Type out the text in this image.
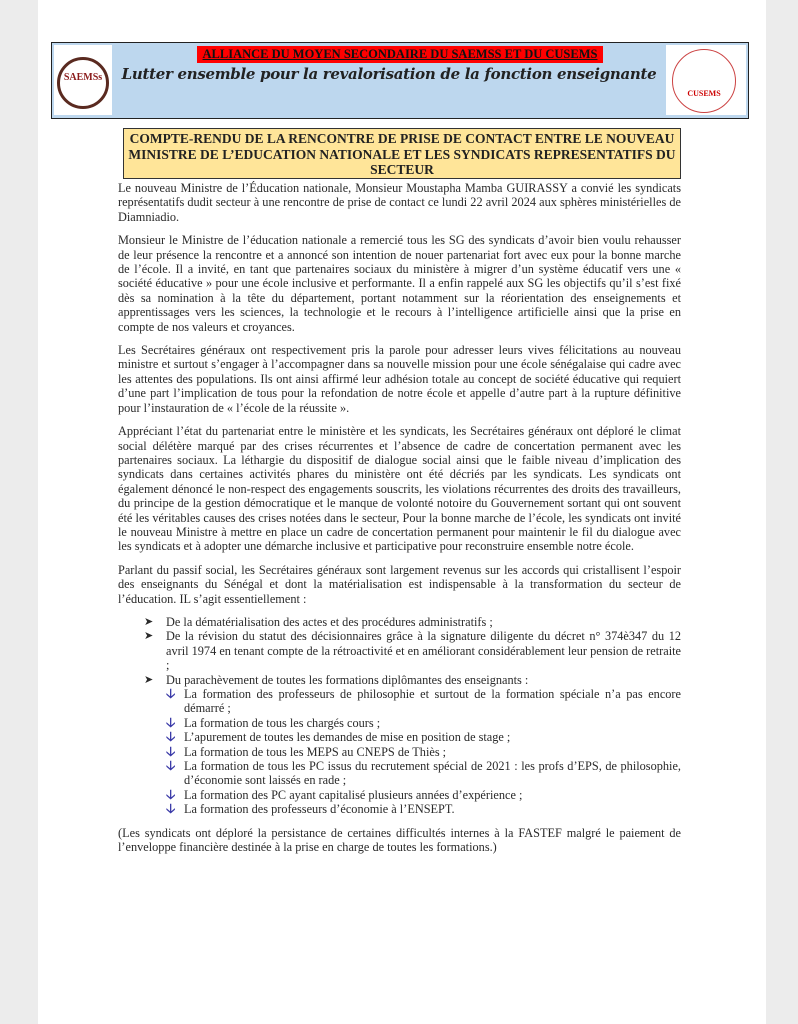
SAEMSs
ALLIANCE DU MOYEN SECONDAIRE DU SAEMSS ET DU CUSEMS
Lutter ensemble pour la revalorisation de la fonction enseignante
CUSEMS
COMPTE-RENDU DE LA RENCONTRE DE PRISE DE CONTACT ENTRE LE NOUVEAU MINISTRE DE L’EDUCATION NATIONALE ET LES SYNDICATS REPRESENTATIFS DU SECTEUR

Le nouveau Ministre de l’Éducation nationale, Monsieur Moustapha Mamba GUIRASSY a convié les syndicats représentatifs dudit secteur à une rencontre de prise de contact ce lundi 22 avril 2024 aux sphères ministérielles de Diamniadio.

Monsieur le Ministre de l’éducation nationale a remercié tous les SG des syndicats d’avoir bien voulu rehausser de leur présence la rencontre et a annoncé son intention de nouer partenariat fort avec eux pour la bonne marche de l’école. Il a invité, en tant que partenaires sociaux du ministère à migrer d’un système éducatif vers une « société éducative » pour une école inclusive et performante. Il a enfin rappelé aux SG les objectifs qu’il s’est fixé dès sa nomination à la tête du département, portant notamment sur la réorientation des enseignements et apprentissages vers les sciences, la technologie et le recours à l’intelligence artificielle ainsi que la prise en compte de nos valeurs et croyances.

Les Secrétaires généraux ont respectivement pris la parole pour adresser leurs vives félicitations au nouveau ministre et surtout s’engager à l’accompagner dans sa nouvelle mission pour une école sénégalaise qui cadre avec les attentes des populations. Ils ont ainsi affirmé leur adhésion totale au concept de société éducative qui requiert d’une part l’implication de tous pour la refondation de notre école et appelle d’autre part à la rupture définitive pour l’instauration de « l’école de la réussite ».

Appréciant l’état du partenariat entre le ministère et les syndicats, les Secrétaires généraux ont déploré le climat social délétère marqué par des crises récurrentes et l’absence de cadre de concertation permanent avec les partenaires sociaux. La léthargie du dispositif de dialogue social ainsi que le faible niveau d’implication des syndicats dans certaines activités phares du ministère ont été décriés par les syndicats. Les syndicats ont également dénoncé le non-respect des engagements souscrits, les violations récurrentes des droits des travailleurs, du principe de la gestion démocratique et le manque de volonté notoire du Gouvernement sortant qui ont souvent été les véritables causes des crises notées dans le secteur, Pour la bonne marche de l’école, les syndicats ont invité le nouveau Ministre à mettre en place un cadre de concertation permanent pour maintenir le fil du dialogue avec les syndicats et à adopter une démarche inclusive et participative pour reconstruire ensemble notre école.

Parlant du passif social, les Secrétaires généraux sont largement revenus sur les accords qui cristallisent l’espoir des enseignants du Sénégal et dont la matérialisation est indispensable à la transformation du secteur de l’éducation. IL s’agit essentiellement :

➤ De la dématérialisation des actes et des procédures administratifs ;
➤ De la révision du statut des décisionnaires grâce à la signature diligente du décret n° 374è347 du 12 avril 1974 en tenant compte de la rétroactivité et en améliorant considérablement leur pension de retraite ;
➤ Du parachèvement de toutes les formations diplômantes des enseignants :
🡣 La formation des professeurs de philosophie et surtout de la formation spéciale n’a pas encore démarré ;
🡣 La formation de tous les chargés cours ;
🡣 L’apurement de toutes les demandes de mise en position de stage ;
🡣 La formation de tous les MEPS au CNEPS de Thiès ;
🡣 La formation de tous les PC issus du recrutement spécial de 2021 : les profs d’EPS, de philosophie, d’économie sont laissés en rade ;
🡣 La formation des PC ayant capitalisé plusieurs années d’expérience ;
🡣 La formation des professeurs d’économie à l’ENSEPT.

(Les syndicats ont déploré la persistance de certaines difficultés internes à la FASTEF malgré le paiement de l’enveloppe financière destinée à la prise en charge de toutes les formations.)
